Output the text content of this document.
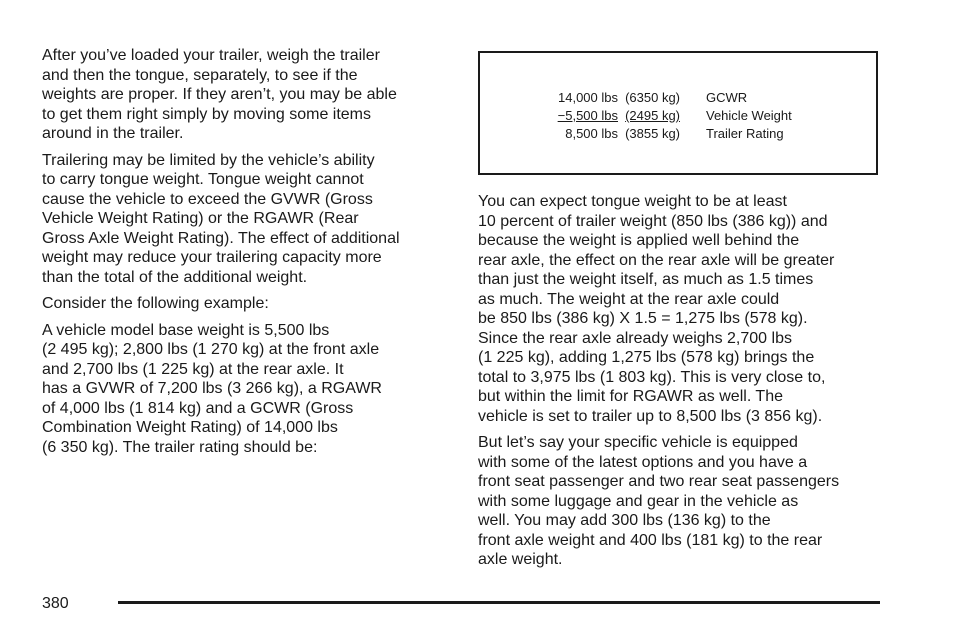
After you’ve loaded your trailer, weigh the trailer
and then the tongue, separately, to see if the
weights are proper. If they aren’t, you may be able
to get them right simply by moving some items
around in the trailer.

Trailering may be limited by the vehicle’s ability
to carry tongue weight. Tongue weight cannot
cause the vehicle to exceed the GVWR (Gross
Vehicle Weight Rating) or the RGAWR (Rear
Gross Axle Weight Rating). The effect of additional
weight may reduce your trailering capacity more
than the total of the additional weight.

Consider the following example:

A vehicle model base weight is 5,500 lbs
(2 495 kg); 2,800 lbs (1 270 kg) at the front axle
and 2,700 lbs (1 225 kg) at the rear axle. It
has a GVWR of 7,200 lbs (3 266 kg), a RGAWR
of 4,000 lbs (1 814 kg) and a GCWR (Gross
Combination Weight Rating) of 14,000 lbs
(6 350 kg). The trailer rating should be:

14,000 lbs (6350 kg)	GCWR
−5,500 lbs (2495 kg)	Vehicle Weight
8,500 lbs (3855 kg)	Trailer Rating

You can expect tongue weight to be at least
10 percent of trailer weight (850 lbs (386 kg)) and
because the weight is applied well behind the
rear axle, the effect on the rear axle will be greater
than just the weight itself, as much as 1.5 times
as much. The weight at the rear axle could
be 850 lbs (386 kg) X 1.5 = 1,275 lbs (578 kg).
Since the rear axle already weighs 2,700 lbs
(1 225 kg), adding 1,275 lbs (578 kg) brings the
total to 3,975 lbs (1 803 kg). This is very close to,
but within the limit for RGAWR as well. The
vehicle is set to trailer up to 8,500 lbs (3 856 kg).

But let’s say your specific vehicle is equipped
with some of the latest options and you have a
front seat passenger and two rear seat passengers
with some luggage and gear in the vehicle as
well. You may add 300 lbs (136 kg) to the
front axle weight and 400 lbs (181 kg) to the rear
axle weight.

380
